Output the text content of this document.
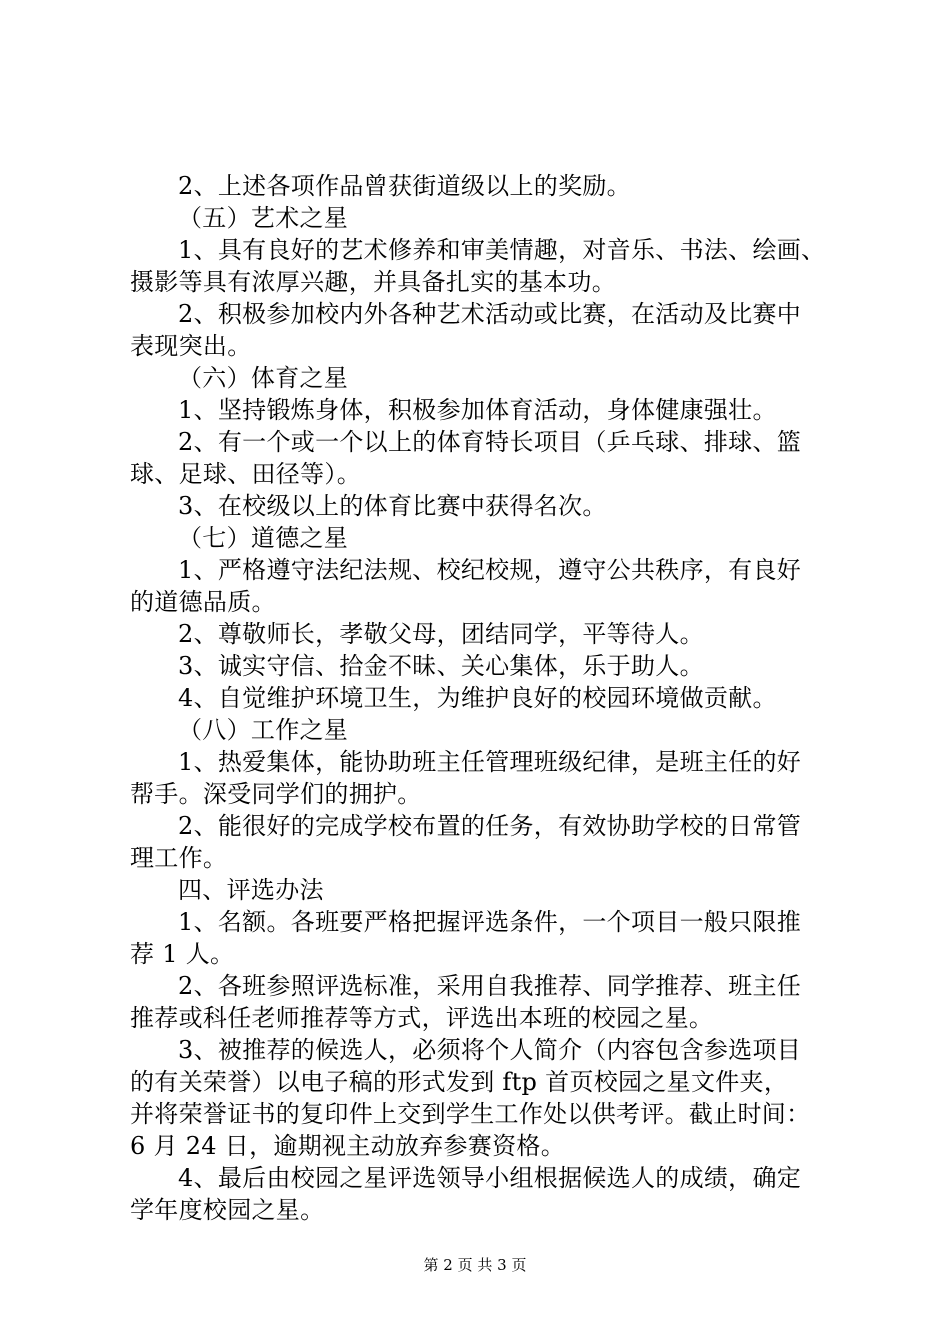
2、上述各项作品曾获街道级以上的奖励。
（五）艺术之星
1、具有良好的艺术修养和审美情趣，对音乐、书法、绘画、
摄影等具有浓厚兴趣，并具备扎实的基本功。
2、积极参加校内外各种艺术活动或比赛，在活动及比赛中
表现突出。
（六）体育之星
1、坚持锻炼身体，积极参加体育活动，身体健康强壮。
2、有一个或一个以上的体育特长项目（乒乓球、排球、篮
球、足球、田径等）。
3、在校级以上的体育比赛中获得名次。
（七）道德之星
1、严格遵守法纪法规、校纪校规，遵守公共秩序，有良好
的道德品质。
2、尊敬师长，孝敬父母，团结同学，平等待人。
3、诚实守信、拾金不昧、关心集体，乐于助人。
4、自觉维护环境卫生，为维护良好的校园环境做贡献。
（八）工作之星
1、热爱集体，能协助班主任管理班级纪律，是班主任的好
帮手。深受同学们的拥护。
2、能很好的完成学校布置的任务，有效协助学校的日常管
理工作。
四、评选办法
1、名额。各班要严格把握评选条件，一个项目一般只限推
荐 1 人。
2、各班参照评选标准，采用自我推荐、同学推荐、班主任
推荐或科任老师推荐等方式，评选出本班的校园之星。
3、被推荐的候选人，必须将个人简介（内容包含参选项目
的有关荣誉）以电子稿的形式发到 ftp 首页校园之星文件夹，
并将荣誉证书的复印件上交到学生工作处以供考评。截止时间：
6 月 24 日，逾期视主动放弃参赛资格。
4、最后由校园之星评选领导小组根据候选人的成绩，确定
学年度校园之星。
第 2 页 共 3 页
